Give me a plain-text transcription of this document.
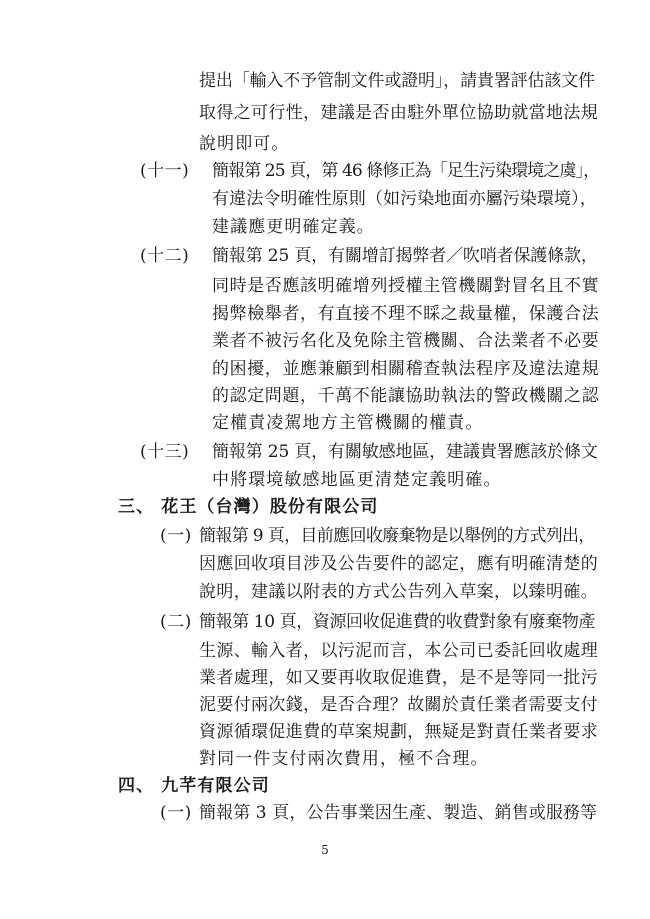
提出「輸入不予管制文件或證明」，請貴署評估該文件

取得之可行性，建議是否由駐外單位協助就當地法規

說明即可。

(十一) 簡報第 25 頁，第 46 條修正為「足生污染環境之虞」，

有違法令明確性原則（如污染地面亦屬污染環境），

建議應更明確定義。

(十二) 簡報第 25 頁，有關增訂揭弊者／吹哨者保護條款，

同時是否應該明確增列授權主管機關對冒名且不實

揭弊檢舉者，有直接不理不睬之裁量權，保護合法

業者不被污名化及免除主管機關、合法業者不必要

的困擾，並應兼顧到相關稽查執法程序及違法違規

的認定問題，千萬不能讓協助執法的警政機關之認

定權責凌駕地方主管機關的權責。

(十三) 簡報第 25 頁，有關敏感地區，建議貴署應該於條文

中將環境敏感地區更清楚定義明確。

三、 花王（台灣）股份有限公司

(一) 簡報第 9 頁，目前應回收廢棄物是以舉例的方式列出，

因應回收項目涉及公告要件的認定，應有明確清楚的

說明，建議以附表的方式公告列入草案，以臻明確。

(二) 簡報第 10 頁，資源回收促進費的收費對象有廢棄物產

生源、輸入者，以污泥而言，本公司已委託回收處理

業者處理，如又要再收取促進費，是不是等同一批污

泥要付兩次錢，是否合理？故關於責任業者需要支付

資源循環促進費的草案規劃，無疑是對責任業者要求

對同一件支付兩次費用，極不合理。

四、 九芊有限公司

(一) 簡報第 3 頁，公告事業因生產、製造、銷售或服務等

5
